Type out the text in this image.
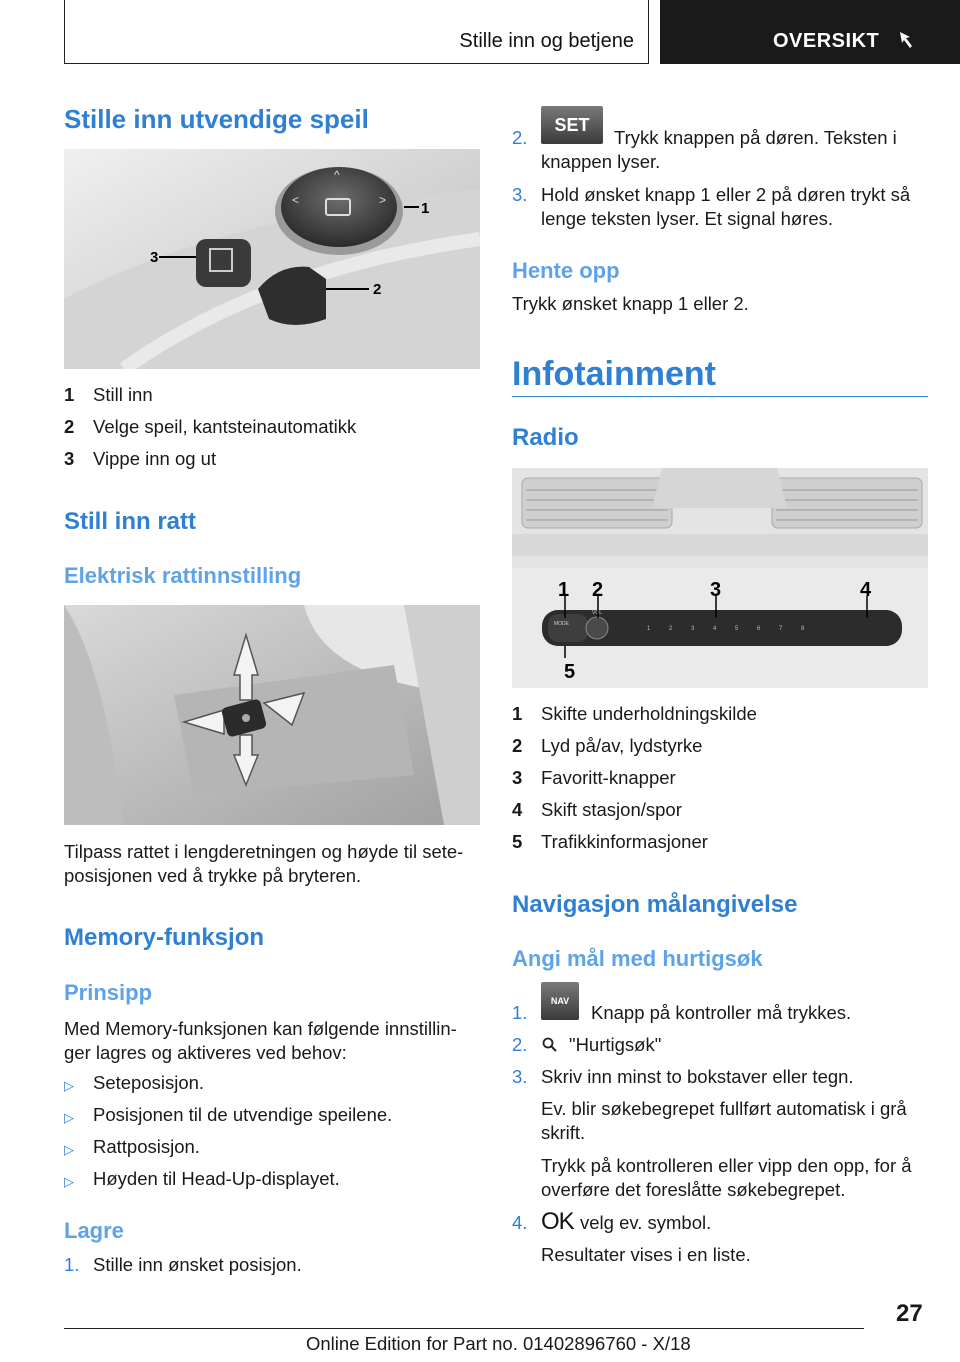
Stille inn og betjene	OVERSIKT
Stille inn utvendige speil
<	>
^
1
3
2
1 Still inn
2 Velge speil, kantsteinautomatikk
3 Vippe inn og ut
Still inn ratt
Elektrisk rattinnstilling
Tilpass rattet i lengderetningen og høyde til sete-
posisjonen ved å trykke på bryteren.
Memory-funksjon
Prinsipp
Med Memory-funksjonen kan følgende innstillin-
ger lagres og aktiveres ved behov:
▷ Seteposisjon.
▷ Posisjonen til de utvendige speilene.
▷ Rattposisjon.
▷ Høyden til Head-Up-displayet.
Lagre
1. Stille inn ønsket posisjon.
2.
SET
Trykk knappen på døren. Teksten i
knappen lyser.
3. Hold ønsket knapp 1 eller 2 på døren trykt så
lenge teksten lyser. Et signal høres.
Hente opp
Trykk ønsket knapp 1 eller 2.
Infotainment
Radio
MODE
VOL
1	2	3	4	5	6	7	8
1 2	3	4
5
1 Skifte underholdningskilde
2 Lyd på/av, lydstyrke
3 Favoritt-knapper
4 Skift stasjon/spor
5 Trafikkinformasjoner
Navigasjon målangivelse
Angi mål med hurtigsøk
1.
NAV
Knapp på kontroller må trykkes.
2. "Hurtigsøk"
3. Skriv inn minst to bokstaver eller tegn.
Ev. blir søkebegrepet fullført automatisk i grå
skrift.
Trykk på kontrolleren eller vipp den opp, for å
overføre det foreslåtte søkebegrepet.
4. OK velg ev. symbol.
Resultater vises i en liste.
27
Online Edition for Part no. 01402896760 - X/18
